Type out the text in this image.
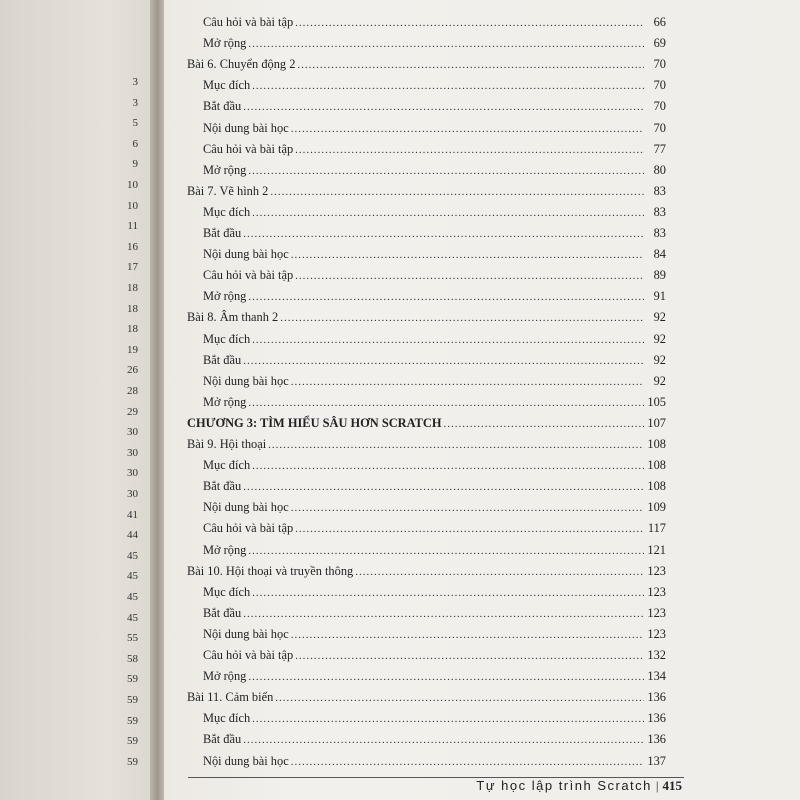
3
3
5
6
9
10
10
11
16
17
18
18
18
19
26
28
29
30
30
30
30
41
44
45
45
45
45
55
58
59
59
59
59
59
Tự học lập trình Scratch | 415
Câu hỏi và bài tập .....	66
Mở rộng .....	69
Bài 6. Chuyển động 2 .....	70
Mục đích .....	70
Bắt đầu .....	70
Nội dung bài học .....	70
Câu hỏi và bài tập .....	77
Mở rộng .....	80
Bài 7. Vẽ hình 2 .....	83
Mục đích .....	83
Bắt đầu .....	83
Nội dung bài học .....	84
Câu hỏi và bài tập .....	89
Mở rộng .....	91
Bài 8. Âm thanh 2 .....	92
Mục đích .....	92
Bắt đầu .....	92
Nội dung bài học .....	92
Mở rộng .....	105
CHƯƠNG 3: TÌM HIỂU SÂU HƠN SCRATCH .....	107
Bài 9. Hội thoại .....	108
Mục đích .....	108
Bắt đầu .....	108
Nội dung bài học .....	109
Câu hỏi và bài tập .....	117
Mở rộng .....	121
Bài 10. Hội thoại và truyền thông .....	123
Mục đích .....	123
Bắt đầu .....	123
Nội dung bài học .....	123
Câu hỏi và bài tập .....	132
Mở rộng .....	134
Bài 11. Cảm biến .....	136
Mục đích .....	136
Bắt đầu .....	136
Nội dung bài học .....	137
